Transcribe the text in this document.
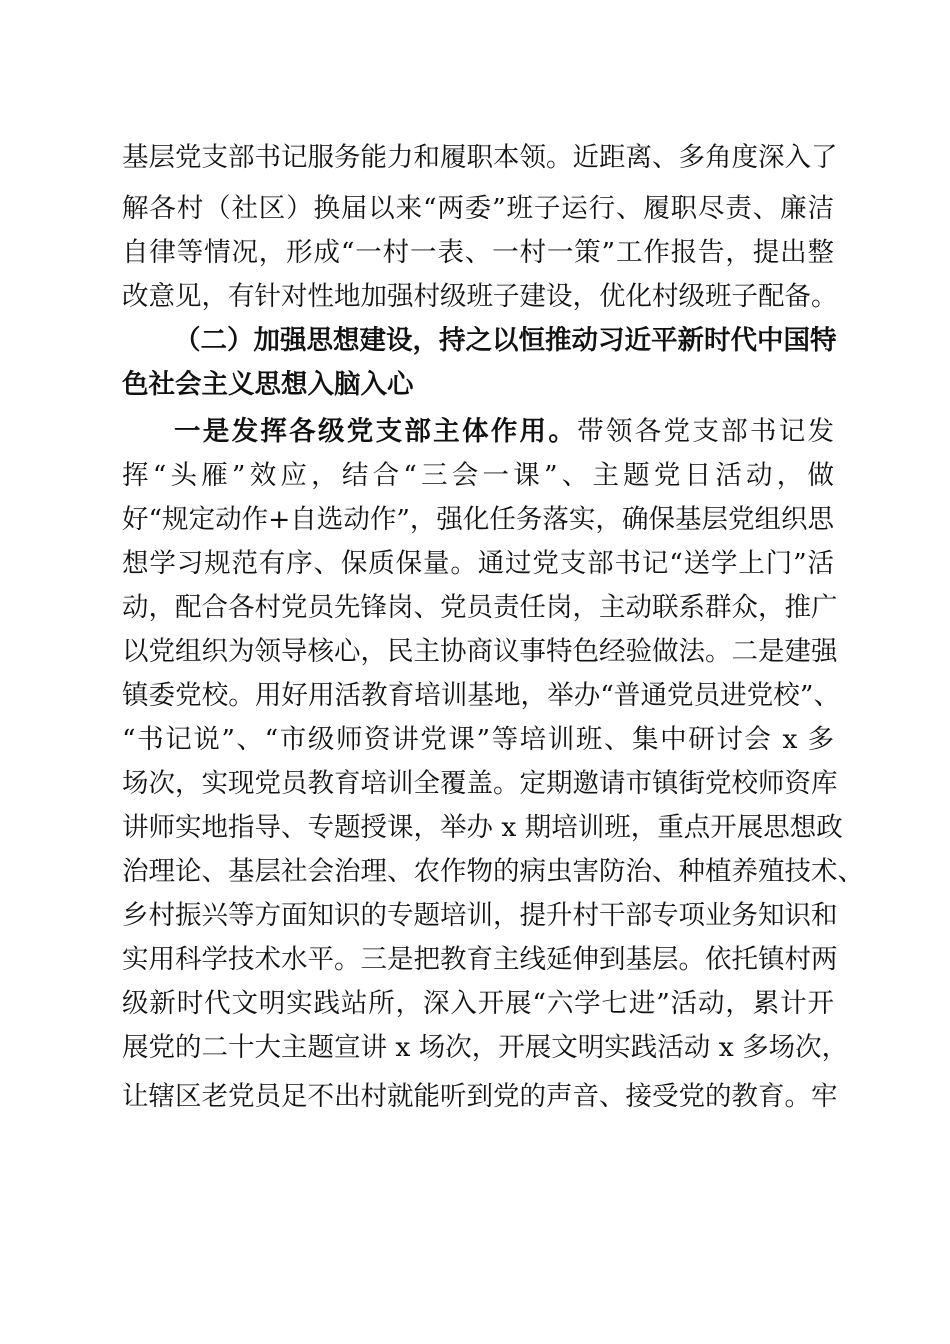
基层党支部书记服务能力和履职本领。近距离、多角度深入了
解各村（社区）换届以来“两委”班子运行、履职尽责、廉洁
自律等情况，形成“一村一表、一村一策”工作报告，提出整
改意见，有针对性地加强村级班子建设，优化村级班子配备。
（二）加强思想建设，持之以恒推动习近平新时代中国特
色社会主义思想入脑入心
一是发挥各级党支部主体作用。带领各党支部书记发
挥“头雁”效应，结合“三会一课”、主题党日活动，做
好“规定动作+自选动作”，强化任务落实，确保基层党组织思
想学习规范有序、保质保量。通过党支部书记“送学上门”活
动，配合各村党员先锋岗、党员责任岗，主动联系群众，推广
以党组织为领导核心，民主协商议事特色经验做法。二是建强
镇委党校。用好用活教育培训基地，举办“普通党员进党校”、
“书记说”、“市级师资讲党课”等培训班、集中研讨会 x 多
场次，实现党员教育培训全覆盖。定期邀请市镇街党校师资库
讲师实地指导、专题授课，举办 x 期培训班，重点开展思想政
治理论、基层社会治理、农作物的病虫害防治、种植养殖技术、
乡村振兴等方面知识的专题培训，提升村干部专项业务知识和
实用科学技术水平。三是把教育主线延伸到基层。依托镇村两
级新时代文明实践站所，深入开展“六学七进”活动，累计开
展党的二十大主题宣讲 x 场次，开展文明实践活动 x 多场次，
让辖区老党员足不出村就能听到党的声音、接受党的教育。牢
